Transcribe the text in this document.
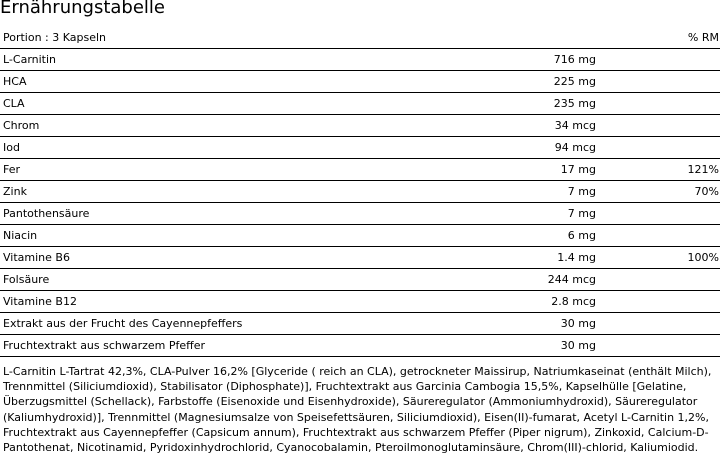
Ernährungstabelle
Portion : 3 Kapseln		% RM
L-Carnitin	716 mg	
HCA	225 mg	
CLA	235 mg	
Chrom	34 mcg	
Iod	94 mcg	
Fer	17 mg	121%
Zink	7 mg	70%
Pantothensäure	7 mg	
Niacin	6 mg	
Vitamine B6	1.4 mg	100%
Folsäure	244 mcg	
Vitamine B12	2.8 mcg	
Extrakt aus der Frucht des Cayennepfeffers	30 mg	
Fruchtextrakt aus schwarzem Pfeffer	30 mg	

L-Carnitin L-Tartrat 42,3%, CLA-Pulver 16,2% [Glyceride ( reich an CLA), getrockneter Maissirup, Natriumkaseinat (enthält Milch), Trennmittel (Siliciumdioxid), Stabilisator (Diphosphate)], Fruchtextrakt aus Garcinia Cambogia 15,5%, Kapselhülle [Gelatine, Überzugsmittel (Schellack), Farbstoffe (Eisenoxide und Eisenhydroxide), Säureregulator (Ammoniumhydroxid), Säureregulator (Kaliumhydroxid)], Trennmittel (Magnesiumsalze von Speisefettsäuren, Siliciumdioxid), Eisen(II)-fumarat, Acetyl L-Carnitin 1,2%, Fruchtextrakt aus Cayennepfeffer (Capsicum annum), Fruchtextrakt aus schwarzem Pfeffer (Piper nigrum), Zinkoxid, Calcium-D-Pantothenat, Nicotinamid, Pyridoxinhydrochlorid, Cyanocobalamin, Pteroilmonoglutaminsäure, Chrom(III)-chlorid, Kaliumiodid.
